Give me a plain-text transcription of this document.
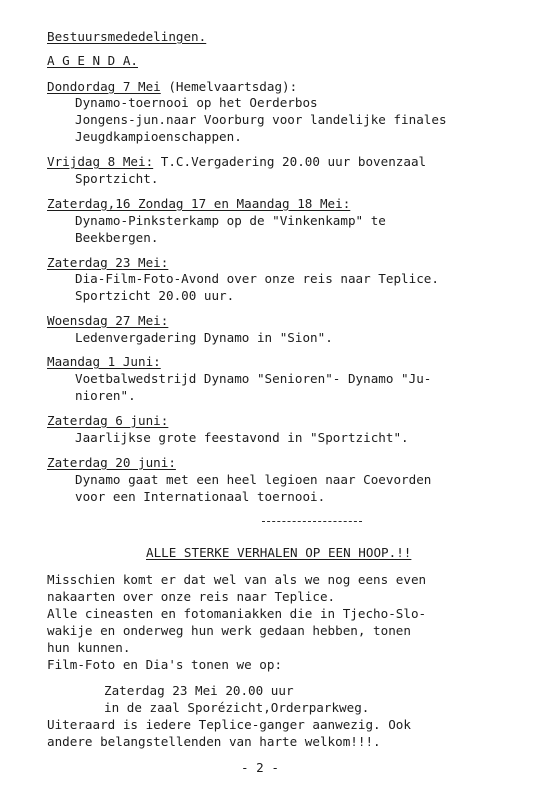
Bestuursmededelingen.
A G E N D A.
Dondordag 7 Mei (Hemelvaartsdag):
Dynamo-toernooi op het Oerderbos
Jongens-jun.naar Voorburg voor landelijke finales
Jeugdkampioenschappen.
Vrijdag 8 Mei: T.C.Vergadering 20.00 uur bovenzaal
Sportzicht.
Zaterdag,16 Zondag 17 en Maandag 18 Mei:
Dynamo-Pinksterkamp op de "Vinkenkamp" te
Beekbergen.
Zaterdag 23 Mei:
Dia-Film-Foto-Avond over onze reis naar Teplice.
Sportzicht 20.00 uur.
Woensdag 27 Mei:
Ledenvergadering Dynamo in "Sion".
Maandag 1 Juni:
Voetbalwedstrijd Dynamo "Senioren"- Dynamo "Ju-
nioren".
Zaterdag 6 juni:
Jaarlijkse grote feestavond in "Sportzicht".
Zaterdag 20 juni:
Dynamo gaat met een heel legioen naar Coevorden
voor een Internationaal toernooi.
ALLE STERKE VERHALEN OP EEN HOOP.!!
Misschien komt er dat wel van als we nog eens even
nakaarten over onze reis naar Teplice.
Alle cineasten en fotomaniakken die in Tjecho-Slo-
wakije en onderweg hun werk gedaan hebben, tonen
hun kunnen.
Film-Foto en Dia's tonen we op:
Zaterdag 23 Mei 20.00 uur
in de zaal Sporézicht,Orderparkweg.
Uiteraard is iedere Teplice-ganger aanwezig. Ook
andere belangstellenden van harte welkom!!!.
- 2 -
